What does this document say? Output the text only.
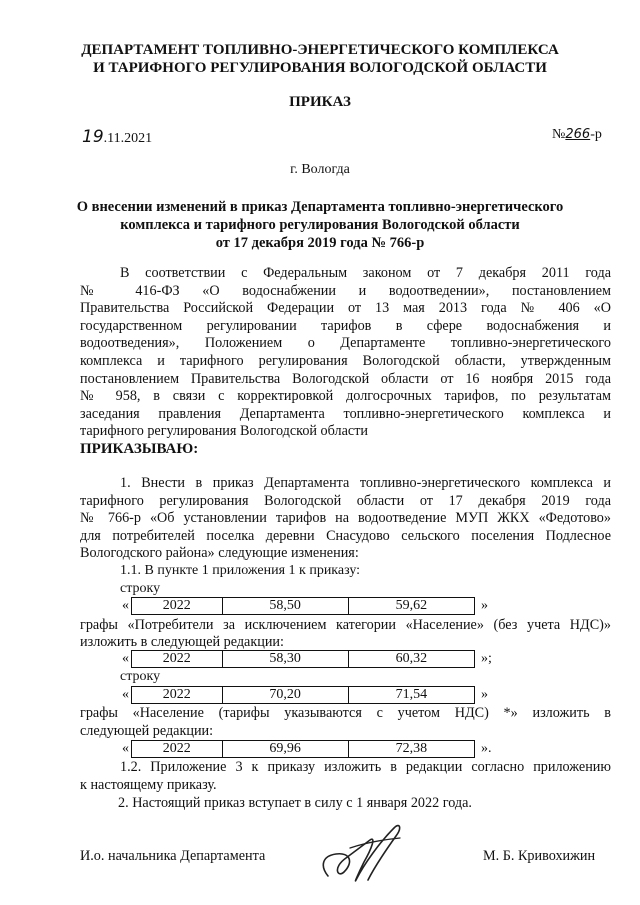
ДЕПАРТАМЕНТ ТОПЛИВНО-ЭНЕРГЕТИЧЕСКОГО КОМПЛЕКСА
И ТАРИФНОГО РЕГУЛИРОВАНИЯ ВОЛОГОДСКОЙ ОБЛАСТИ
ПРИКАЗ
19.11.2021	№266-р
г. Вологда
О внесении изменений в приказ Департамента топливно-энергетического
комплекса и тарифного регулирования Вологодской области
от 17 декабря 2019 года № 766-р
В соответствии с Федеральным законом от 7 декабря 2011 года
№ 416-ФЗ «О водоснабжении и водоотведении», постановлением
Правительства Российской Федерации от 13 мая 2013 года № 406 «О
государственном регулировании тарифов в сфере водоснабжения и
водоотведения», Положением о Департаменте топливно-энергетического
комплекса и тарифного регулирования Вологодской области, утвержденным
постановлением Правительства Вологодской области от 16 ноября 2015 года
№ 958, в связи с корректировкой долгосрочных тарифов, по результатам
заседания правления Департамента топливно-энергетического комплекса и
тарифного регулирования Вологодской области
ПРИКАЗЫВАЮ:
1. Внести в приказ Департамента топливно-энергетического комплекса и
тарифного регулирования Вологодской области от 17 декабря 2019 года
№ 766-р «Об установлении тарифов на водоотведение МУП ЖКХ «Федотово»
для потребителей поселка деревни Снасудово сельского поселения Подлесное
Вологодского района» следующие изменения:
1.1. В пункте 1 приложения 1 к приказу:
строку
« 2022	58,50	59,62	»
графы «Потребители за исключением категории «Население» (без учета НДС)»
изложить в следующей редакции:
« 2022	58,30	60,32	»;
строку
« 2022	70,20	71,54	»
графы «Население (тарифы указываются с учетом НДС) *» изложить в
следующей редакции:
« 2022	69,96	72,38	».
1.2. Приложение 3 к приказу изложить в редакции согласно приложению
к настоящему приказу.
2. Настоящий приказ вступает в силу с 1 января 2022 года.
И.о. начальника Департамента	М. Б. Кривохижин
